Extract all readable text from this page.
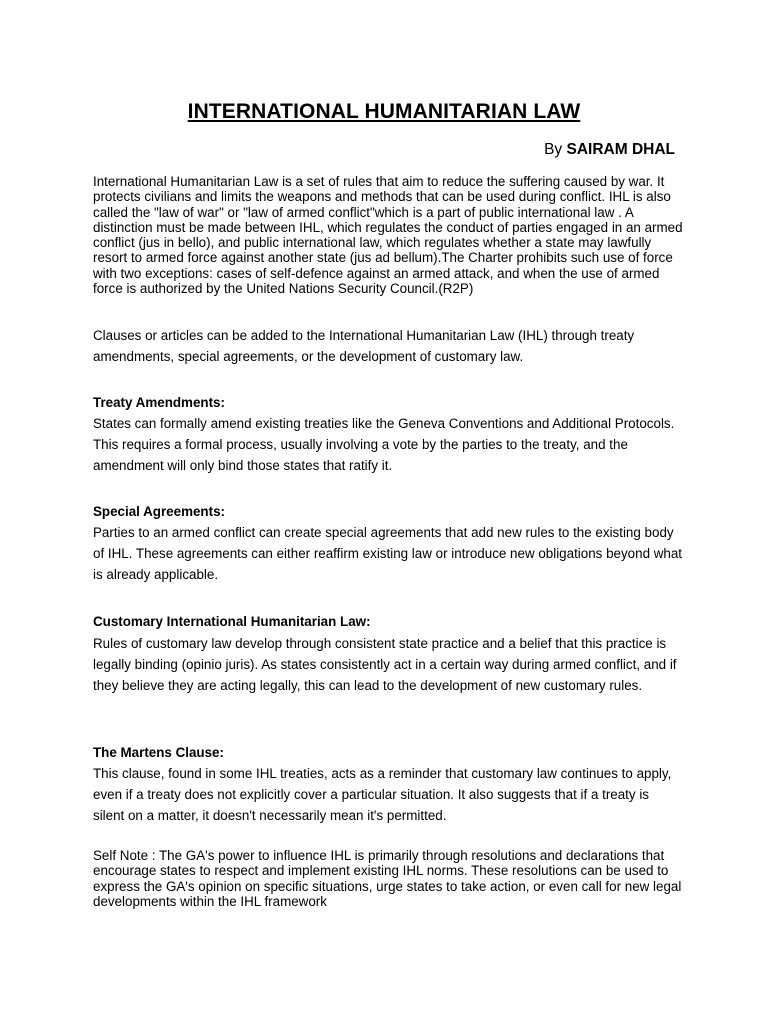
INTERNATIONAL HUMANITARIAN LAW
By SAIRAM DHAL
International Humanitarian Law is a set of rules that aim to reduce the suffering caused by war. It protects civilians and limits the weapons and methods that can be used during conflict. IHL is also called the "law of war" or "law of armed conflict"which is a part of public international law . A distinction must be made between IHL, which regulates the conduct of parties engaged in an armed conflict (jus in bello), and public international law, which regulates whether a state may lawfully resort to armed force against another state (jus ad bellum).The Charter prohibits such use of force with two exceptions: cases of self-defence against an armed attack, and when the use of armed force is authorized by the United Nations Security Council.(R2P)
Clauses or articles can be added to the International Humanitarian Law (IHL) through treaty amendments, special agreements, or the development of customary law.
Treaty Amendments:
States can formally amend existing treaties like the Geneva Conventions and Additional Protocols. This requires a formal process, usually involving a vote by the parties to the treaty, and the amendment will only bind those states that ratify it.
Special Agreements:
Parties to an armed conflict can create special agreements that add new rules to the existing body of IHL. These agreements can either reaffirm existing law or introduce new obligations beyond what is already applicable.
Customary International Humanitarian Law:
Rules of customary law develop through consistent state practice and a belief that this practice is legally binding (opinio juris). As states consistently act in a certain way during armed conflict, and if they believe they are acting legally, this can lead to the development of new customary rules.
The Martens Clause:
This clause, found in some IHL treaties, acts as a reminder that customary law continues to apply, even if a treaty does not explicitly cover a particular situation. It also suggests that if a treaty is silent on a matter, it doesn't necessarily mean it's permitted.
Self Note : The GA's power to influence IHL is primarily through resolutions and declarations that encourage states to respect and implement existing IHL norms. These resolutions can be used to express the GA's opinion on specific situations, urge states to take action, or even call for new legal developments within the IHL framework
